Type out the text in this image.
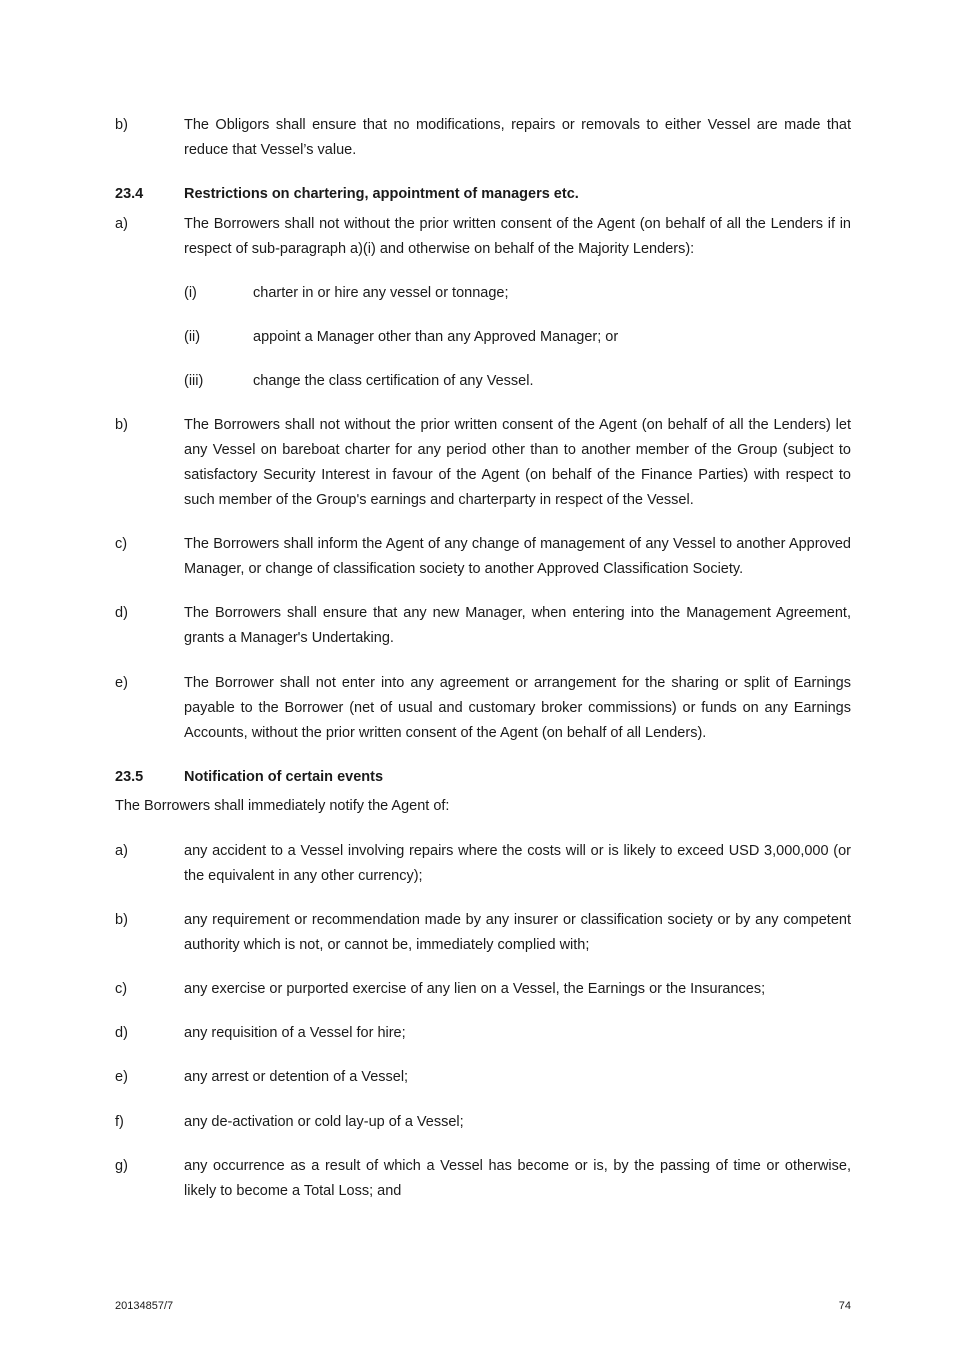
b)	The Obligors shall ensure that no modifications, repairs or removals to either Vessel are made that reduce that Vessel’s value.
23.4	Restrictions on chartering, appointment of managers etc.
a)	The Borrowers shall not without the prior written consent of the Agent (on behalf of all the Lenders if in respect of sub-paragraph a)(i) and otherwise on behalf of the Majority Lenders):
(i)	charter in or hire any vessel or tonnage;
(ii)	appoint a Manager other than any Approved Manager; or
(iii)	change the class certification of any Vessel.
b)	The Borrowers shall not without the prior written consent of the Agent (on behalf of all the Lenders) let any Vessel on bareboat charter for any period other than to another member of the Group (subject to satisfactory Security Interest in favour of the Agent (on behalf of the Finance Parties) with respect to such member of the Group's earnings and charterparty in respect of the Vessel.
c)	The Borrowers shall inform the Agent of any change of management of any Vessel to another Approved Manager, or change of classification society to another Approved Classification Society.
d)	The Borrowers shall ensure that any new Manager, when entering into the Management Agreement, grants a Manager's Undertaking.
e)	The Borrower shall not enter into any agreement or arrangement for the sharing or split of Earnings payable to the Borrower (net of usual and customary broker commissions) or funds on any Earnings Accounts, without the prior written consent of the Agent (on behalf of all Lenders).
23.5	Notification of certain events
The Borrowers shall immediately notify the Agent of:
a)	any accident to a Vessel involving repairs where the costs will or is likely to exceed USD 3,000,000 (or the equivalent in any other currency);
b)	any requirement or recommendation made by any insurer or classification society or by any competent authority which is not, or cannot be, immediately complied with;
c)	any exercise or purported exercise of any lien on a Vessel, the Earnings or the Insurances;
d)	any requisition of a Vessel for hire;
e)	any arrest or detention of a Vessel;
f)	any de-activation or cold lay-up of a Vessel;
g)	any occurrence as a result of which a Vessel has become or is, by the passing of time or otherwise, likely to become a Total Loss; and
20134857/7	74
